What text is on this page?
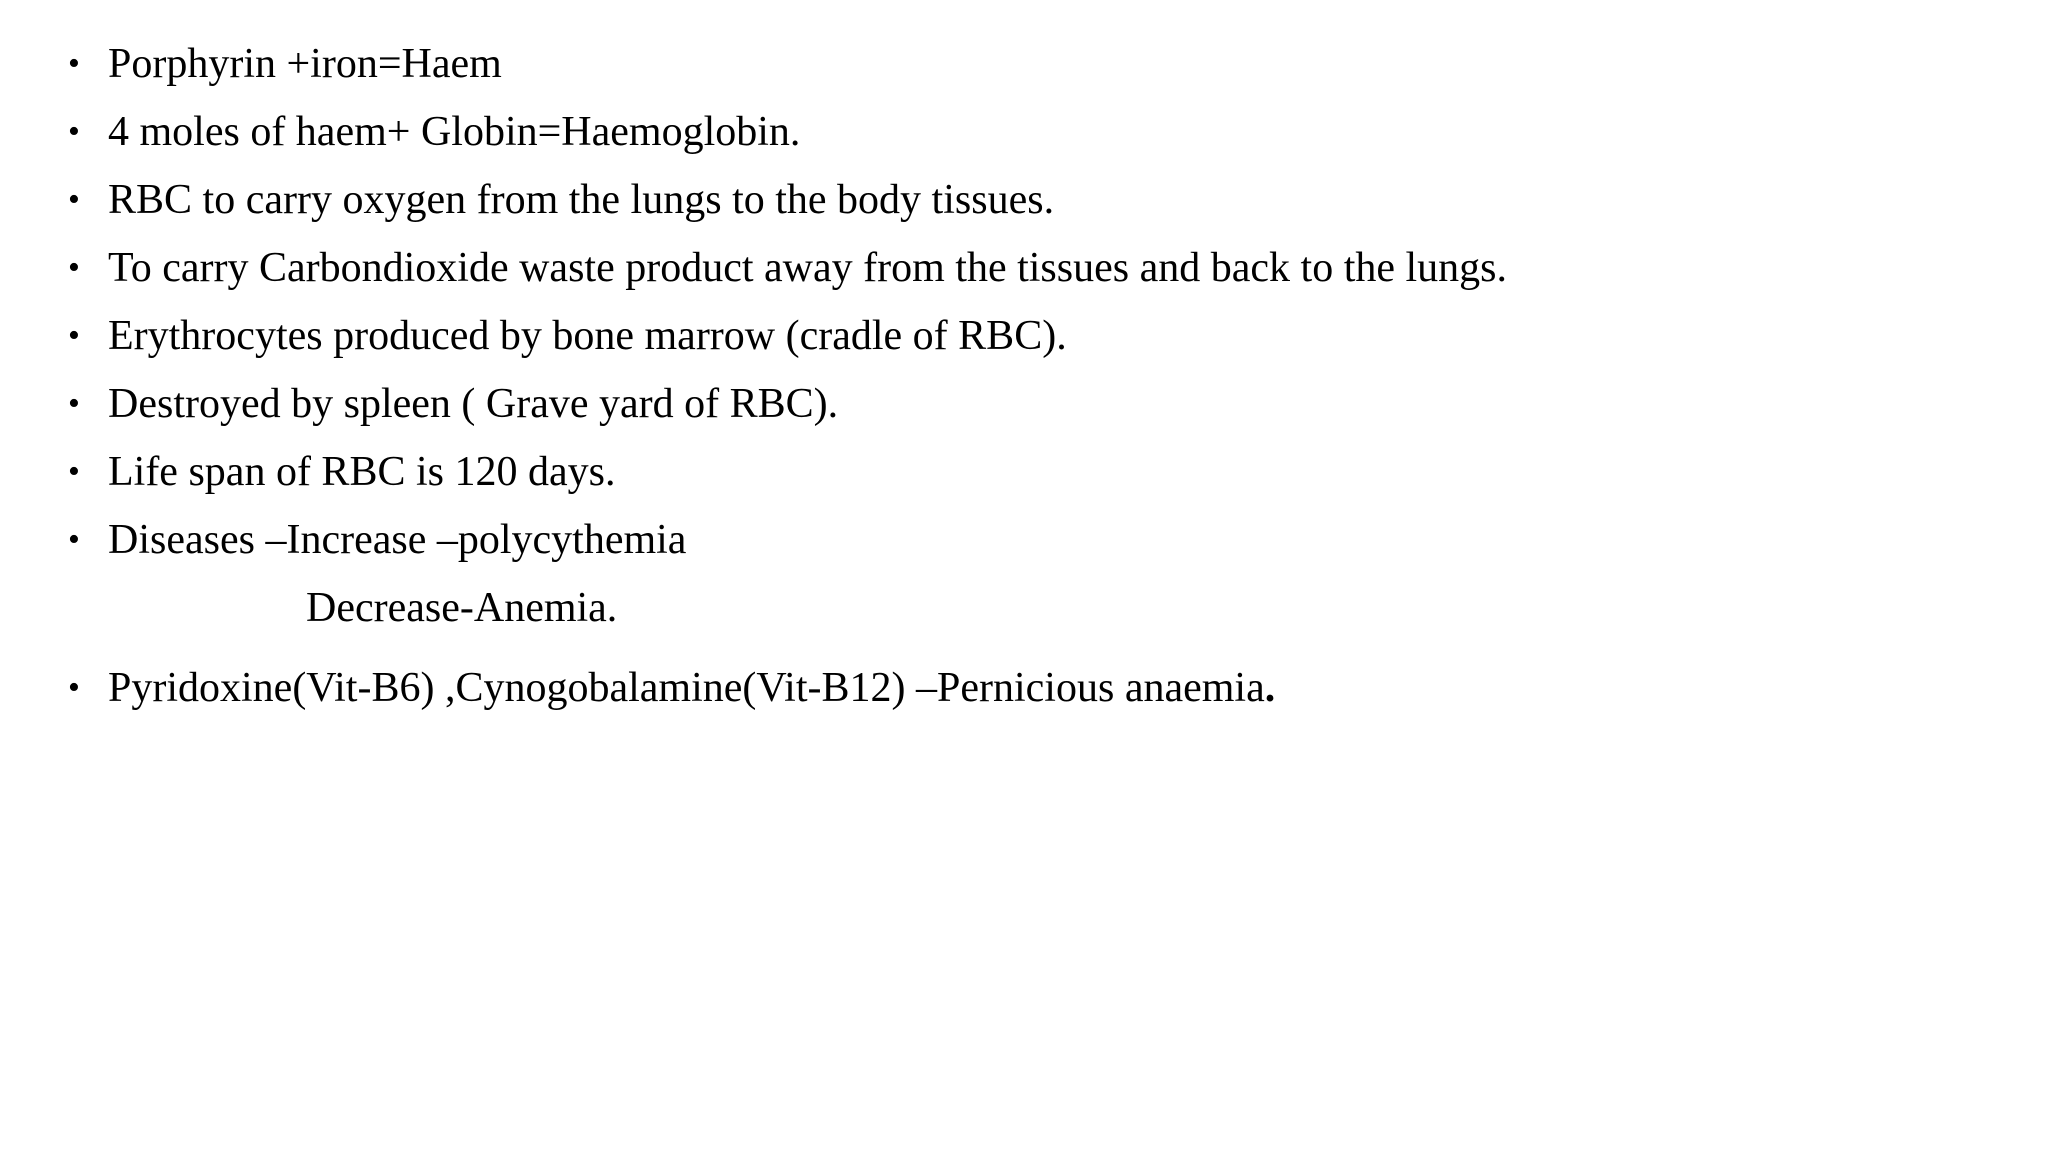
• Porphyrin +iron=Haem
• 4 moles of haem+ Globin=Haemoglobin.
• RBC to carry oxygen from the lungs to the body tissues.
• To carry Carbondioxide waste product away from the tissues and back to the lungs.
• Erythrocytes produced by bone marrow (cradle of RBC).
• Destroyed by spleen ( Grave yard of RBC).
• Life span of RBC is 120 days.
• Diseases –Increase –polycythemia
Decrease-Anemia.
• Pyridoxine(Vit-B6) ,Cynogobalamine(Vit-B12) –Pernicious anaemia.
